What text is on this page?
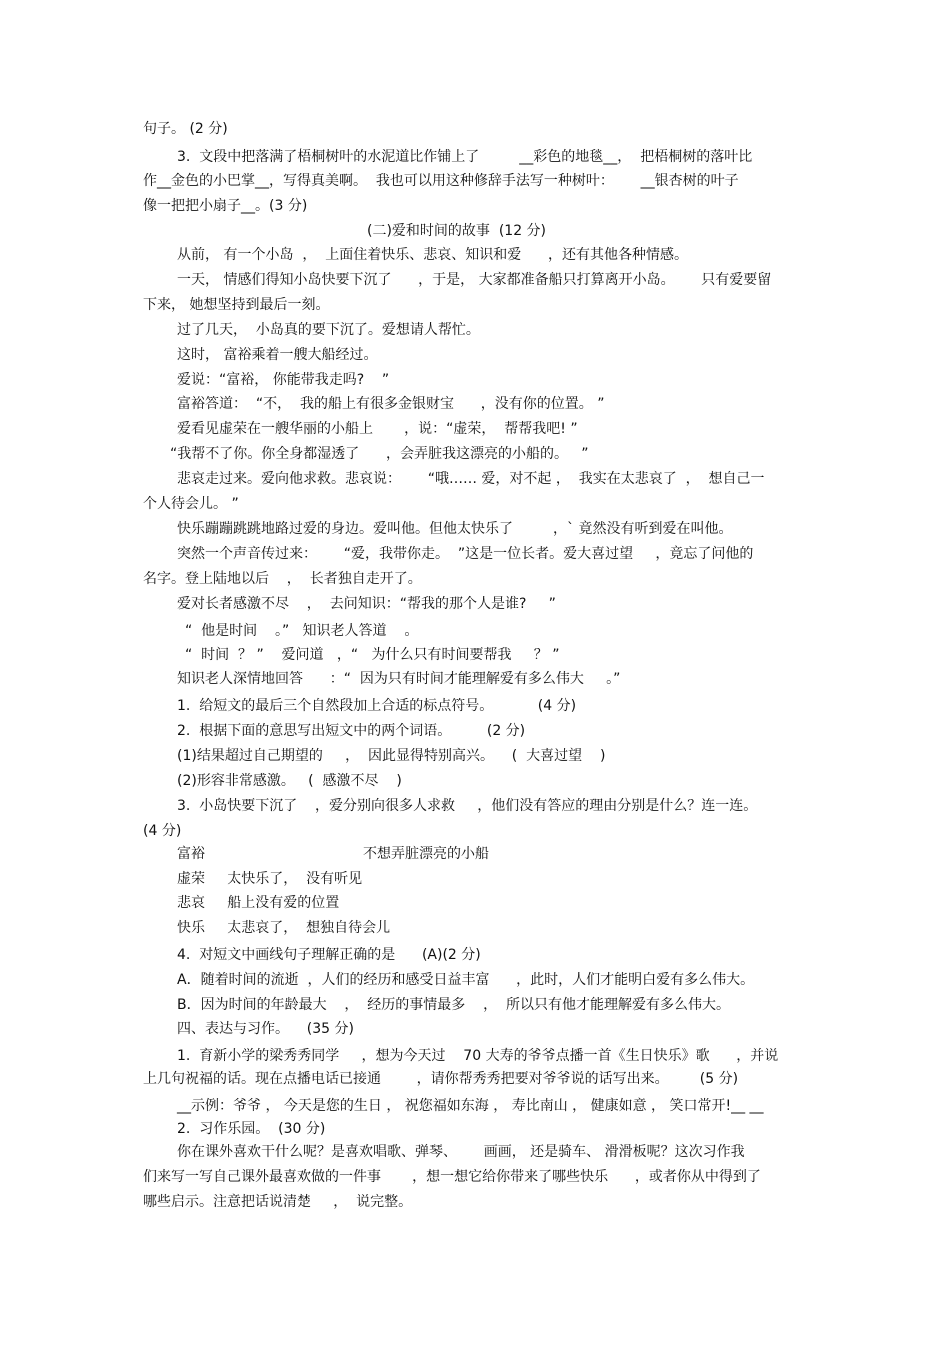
句子。 (2 分)
3.  文段中把落满了梧桐树叶的水泥道比作铺上了         __彩色的地毯__，  把梧桐树的落叶比
作__金色的小巴掌__，写得真美啊。  我也可以用这种修辞手法写一种树叶：      __银杏树的叶子
像一把把小扇子__。(3 分)
(二)爱和时间的故事  (12 分)
从前， 有一个小岛  ，  上面住着快乐、悲哀、知识和爱      ，还有其他各种情感。
一天， 情感们得知小岛快要下沉了      ，于是， 大家都准备船只打算离开小岛。      只有爱要留
下来， 她想坚持到最后一刻。
过了几天，  小岛真的要下沉了。爱想请人帮忙。
这时， 富裕乘着一艘大船经过。
爱说：“富裕， 你能带我走吗?    ”
富裕答道：  “不，  我的船上有很多金银财宝      ，没有你的位置。 ”
爱看见虚荣在一艘华丽的小船上       ，说：“虚荣，  帮帮我吧! ”
“我帮不了你。你全身都湿透了      ，会弄脏我这漂亮的小船的。   ”
悲哀走过来。爱向他求救。悲哀说：      “哦…… 爱，对不起 ，  我实在太悲哀了  ，  想自己一
个人待会儿。 ”
快乐蹦蹦跳跳地路过爱的身边。爱叫他。但他太快乐了         ，` 竟然没有听到爱在叫他。
突然一个声音传过来：      “爱，我带你走。  ”这是一位长者。爱大喜过望     ，竟忘了问他的
名字。登上陆地以后    ，  长者独自走开了。
爱对长者感激不尽    ，  去问知识：“帮我的那个人是谁?     ”
“  他是时间    。”   知识老人答道    。
“  时间  ？ ”    爱问道   ，“   为什么只有时间要帮我     ？ ”
知识老人深情地回答      ：“  因为只有时间才能理解爱有多么伟大     。”
1.  给短文的最后三个自然段加上合适的标点符号。          (4 分)
2.  根据下面的意思写出短文中的两个词语。        (2 分)
(1)结果超过自己期望的     ，  因此显得特别高兴。    (  大喜过望    )
(2)形容非常感激。   (  感激不尽    )
3.  小岛快要下沉了    ，爱分别向很多人求救     ，他们没有答应的理由分别是什么？连一连。
(4 分)
富裕	不想弄脏漂亮的小船
虚荣     太快乐了，  没有听见
悲哀     船上没有爱的位置
快乐     太悲哀了，  想独自待会儿
4.  对短文中画线句子理解正确的是      (A)(2 分)
A．随着时间的流逝  ，人们的经历和感受日益丰富      ，此时，人们才能明白爱有多么伟大。
B．因为时间的年龄最大    ，  经历的事情最多    ，  所以只有他才能理解爱有多么伟大。
四、表达与习作。    (35 分)
1.  育新小学的梁秀秀同学     ，想为今天过    70 大寿的爷爷点播一首《生日快乐》歌      ，并说
上几句祝福的话。现在点播电话已接通        ，请你帮秀秀把要对爷爷说的话写出来。       (5 分)
__示例：爷爷 ， 今天是您的生日 ， 祝您福如东海 ， 寿比南山 ， 健康如意 ， 笑口常开!__ __
2.  习作乐园。  (30 分)
你在课外喜欢干什么呢？是喜欢唱歌、弹琴、      画画， 还是骑车、 滑滑板呢？这次习作我
们来写一写自己课外最喜欢做的一件事       ，想一想它给你带来了哪些快乐      ，或者你从中得到了
哪些启示。注意把话说清楚     ，  说完整。
